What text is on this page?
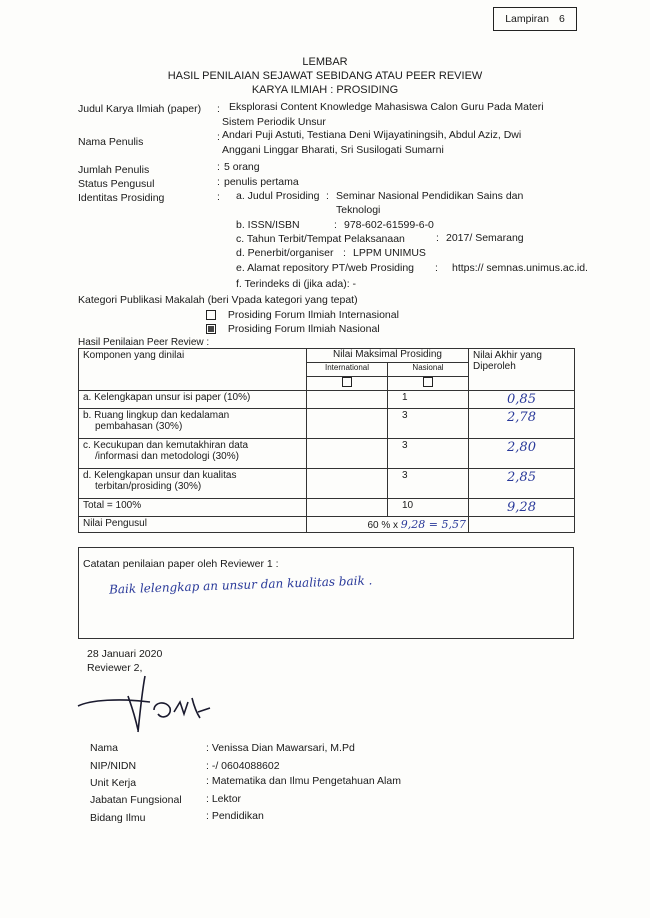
Lampiran 6
LEMBAR
HASIL PENILAIAN SEJAWAT SEBIDANG ATAU PEER REVIEW
KARYA ILMIAH : PROSIDING
Judul Karya Ilmiah (paper) : Eksplorasi Content Knowledge Mahasiswa Calon Guru Pada Materi
Sistem Periodik Unsur
Nama Penulis	: Andari Puji Astuti, Testiana Deni Wijayatiningsih, Abdul Aziz, Dwi
Anggani Linggar Bharati, Sri Susilogati Sumarni
Jumlah Penulis	: 5 orang
Status Pengusul	: penulis pertama
Identitas Prosiding	: a. Judul Prosiding : Seminar Nasional Pendidikan Sains dan
Teknologi
b. ISSN/ISBN	: 978-602-61599-6-0
c. Tahun Terbit/Tempat Pelaksanaan	: 2017/ Semarang
d. Penerbit/organiser : LPPM UNIMUS
e. Alamat repository PT/web Prosiding : https:// semnas.unimus.ac.id.
f. Terindeks di (jika ada): -
Kategori Publikasi Makalah (beri Vpada kategori yang tepat)
Prosiding Forum Ilmiah Internasional
Prosiding Forum Ilmiah Nasional
Hasil Penilaian Peer Review :
Komponen yang dinilai	Nilai Maksimal Prosiding		Nilai Akhir yang
Diperoleh

	International	Nasional	

a. Kelengkapan unsur isi paper (10%)		1	0,85

b. Ruang lingkup dan kedalaman
pembahasan (30%)		3	2,78

c. Kecukupan dan kemutakhiran data
/informasi dan metodologi (30%)		3	2,80

d. Kelengkapan unsur dan kualitas
terbitan/prosiding (30%)		3	2,85
Total = 100%		10	9,28
Nilai Pengusul	60 % x 9,28 = 5,57		
Catatan penilaian paper oleh Reviewer 1 :
Baik lelengkap an unsur dan kualitas baik .
28 Januari 2020
Reviewer 2,
Nama	: Venissa Dian Mawarsari, M.Pd
NIP/NIDN	: -/ 0604088602
Unit Kerja	: Matematika dan Ilmu Pengetahuan Alam
Jabatan Fungsional : Lektor
Bidang Ilmu	: Pendidikan
